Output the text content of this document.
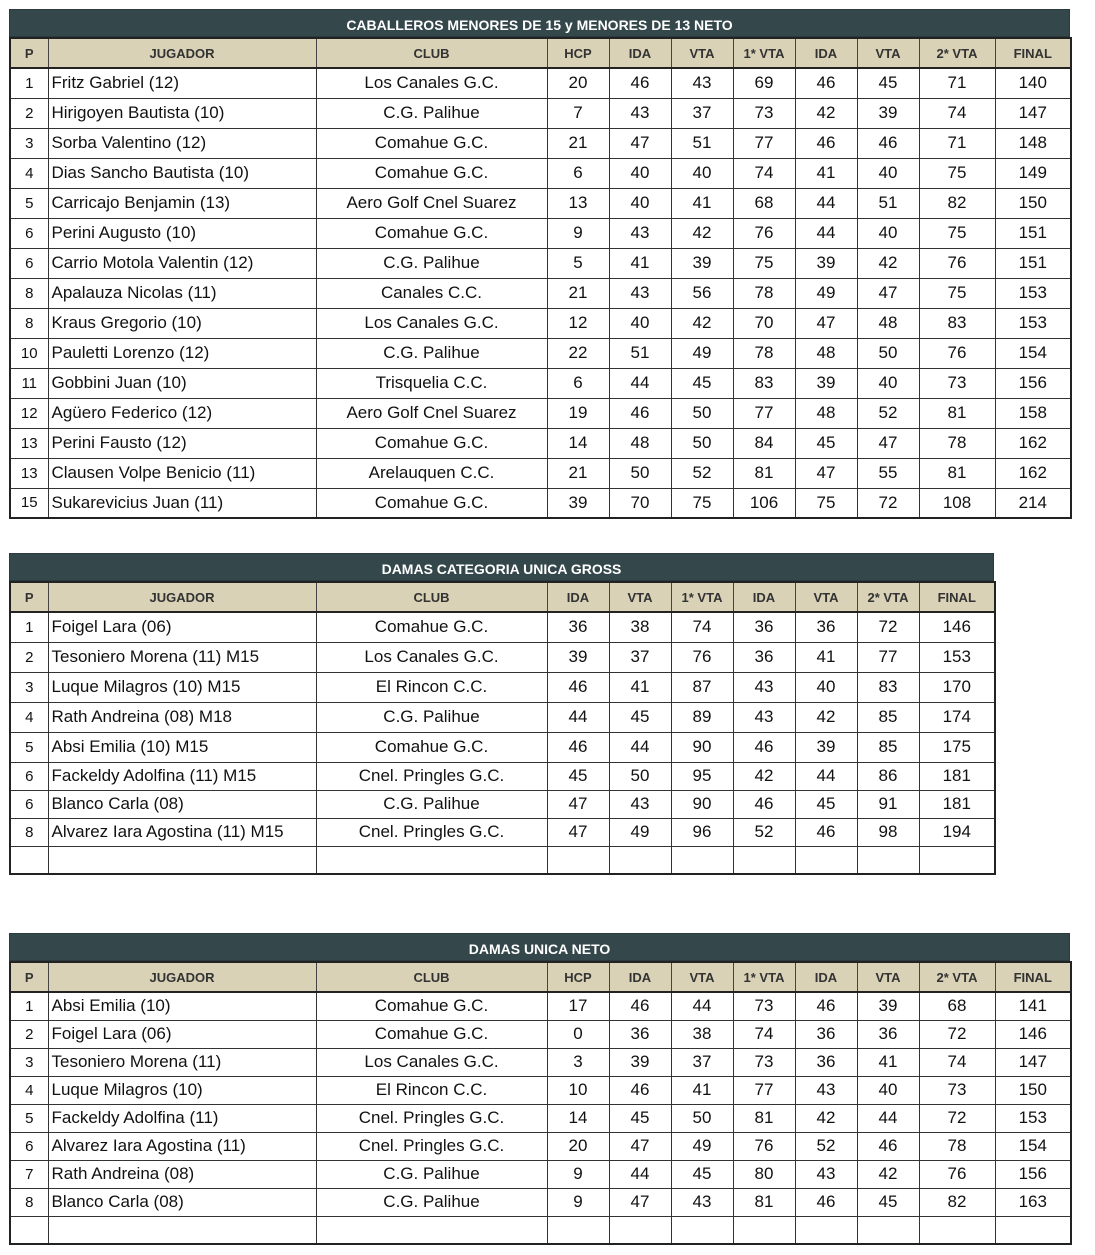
CABALLEROS MENORES DE 15 y MENORES DE 13 NETO
P	JUGADOR	CLUB	HCP	IDA	VTA	1* VTA	IDA	VTA	2* VTA	FINAL
1	Fritz Gabriel (12)	Los Canales G.C.	20	46	43	69	46	45	71	140
2	Hirigoyen Bautista (10)	C.G. Palihue	7	43	37	73	42	39	74	147
3	Sorba Valentino (12)	Comahue G.C.	21	47	51	77	46	46	71	148
4	Dias Sancho Bautista (10)	Comahue G.C.	6	40	40	74	41	40	75	149
5	Carricajo Benjamin (13)	Aero Golf Cnel Suarez	13	40	41	68	44	51	82	150
6	Perini Augusto (10)	Comahue G.C.	9	43	42	76	44	40	75	151
6	Carrio Motola Valentin (12)	C.G. Palihue	5	41	39	75	39	42	76	151
8	Apalauza Nicolas (11)	Canales C.C.	21	43	56	78	49	47	75	153
8	Kraus Gregorio (10)	Los Canales G.C.	12	40	42	70	47	48	83	153
10	Pauletti Lorenzo (12)	C.G. Palihue	22	51	49	78	48	50	76	154
11	Gobbini Juan (10)	Trisquelia C.C.	6	44	45	83	39	40	73	156
12	Agüero Federico (12)	Aero Golf Cnel Suarez	19	46	50	77	48	52	81	158
13	Perini Fausto (12)	Comahue G.C.	14	48	50	84	45	47	78	162
13	Clausen Volpe Benicio (11)	Arelauquen C.C.	21	50	52	81	47	55	81	162
15	Sukarevicius Juan (11)	Comahue G.C.	39	70	75	106	75	72	108	214
DAMAS CATEGORIA UNICA GROSS
P	JUGADOR	CLUB	IDA	VTA	1* VTA	IDA	VTA	2* VTA	FINAL
1	Foigel Lara (06)	Comahue G.C.	36	38	74	36	36	72	146
2	Tesoniero Morena (11) M15	Los Canales G.C.	39	37	76	36	41	77	153
3	Luque Milagros (10) M15	El Rincon C.C.	46	41	87	43	40	83	170
4	Rath Andreina (08) M18	C.G. Palihue	44	45	89	43	42	85	174
5	Absi Emilia (10) M15	Comahue G.C.	46	44	90	46	39	85	175
6	Fackeldy Adolfina (11) M15	Cnel. Pringles G.C.	45	50	95	42	44	86	181
6	Blanco Carla (08)	C.G. Palihue	47	43	90	46	45	91	181
8	Alvarez Iara Agostina (11) M15	Cnel. Pringles G.C.	47	49	96	52	46	98	194

DAMAS UNICA NETO
P	JUGADOR	CLUB	HCP	IDA	VTA	1* VTA	IDA	VTA	2* VTA	FINAL
1	Absi Emilia (10)	Comahue G.C.	17	46	44	73	46	39	68	141
2	Foigel Lara (06)	Comahue G.C.	0	36	38	74	36	36	72	146
3	Tesoniero Morena (11)	Los Canales G.C.	3	39	37	73	36	41	74	147
4	Luque Milagros (10)	El Rincon C.C.	10	46	41	77	43	40	73	150
5	Fackeldy Adolfina (11)	Cnel. Pringles G.C.	14	45	50	81	42	44	72	153
6	Alvarez Iara Agostina (11)	Cnel. Pringles G.C.	20	47	49	76	52	46	78	154
7	Rath Andreina (08)	C.G. Palihue	9	44	45	80	43	42	76	156
8	Blanco Carla (08)	C.G. Palihue	9	47	43	81	46	45	82	163
